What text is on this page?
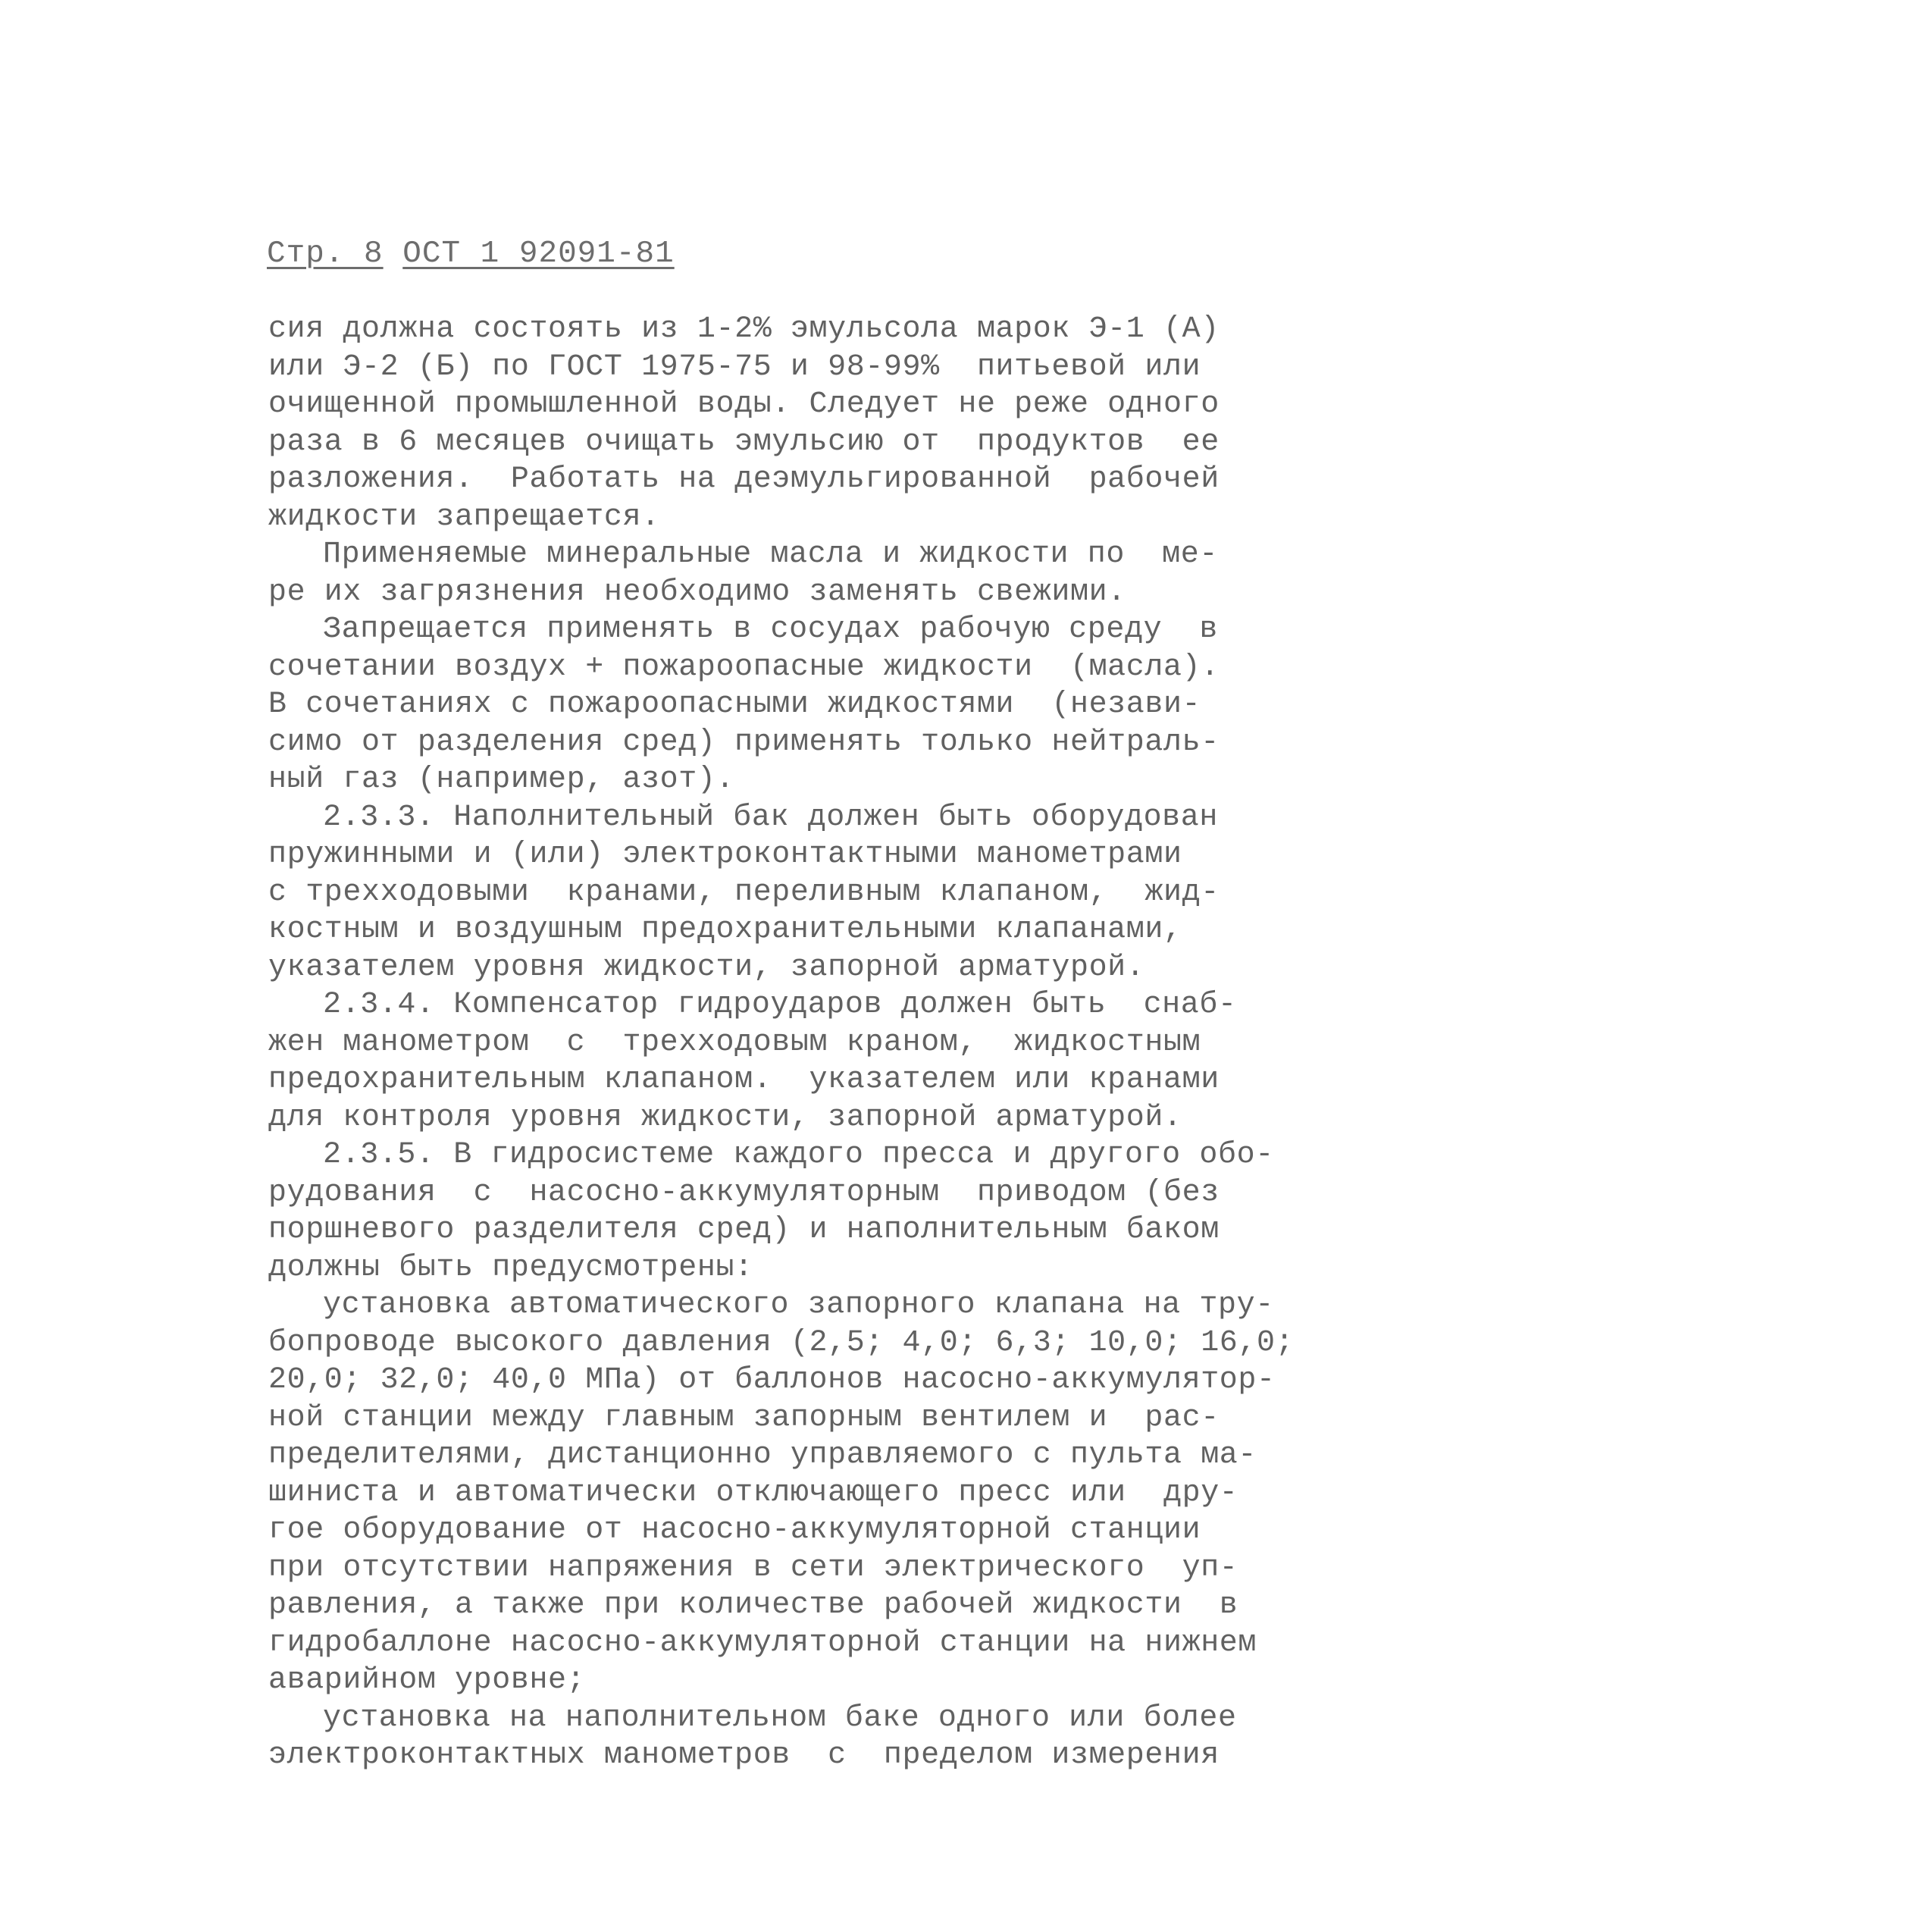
Стр. 8 ОСТ 1 92091-81
сия должна состоять из 1-2% эмульсола марок Э-1 (А)
или Э-2 (Б) по ГОСТ 1975-75 и 98-99%  питьевой или
очищенной промышленной воды. Следует не реже одного
раза в 6 месяцев очищать эмульсию от  продуктов  ее
разложения.  Работать на деэмульгированной  рабочей
жидкости запрещается.
Применяемые минеральные масла и жидкости по  ме-
ре их загрязнения необходимо заменять свежими.
Запрещается применять в сосудах рабочую среду  в
сочетании воздух + пожароопасные жидкости  (масла).
В сочетаниях с пожароопасными жидкостями  (незави-
симо от разделения сред) применять только нейтраль-
ный газ (например, азот).
2.3.3. Наполнительный бак должен быть оборудован
пружинными и (или) электроконтактными манометрами
с трехходовыми  кранами, переливным клапаном,  жид-
костным и воздушным предохранительными клапанами,
указателем уровня жидкости, запорной арматурой.
2.3.4. Компенсатор гидроударов должен быть  снаб-
жен манометром  с  трехходовым краном,  жидкостным
предохранительным клапаном.  указателем или кранами
для контроля уровня жидкости, запорной арматурой.
2.3.5. В гидросистеме каждого пресса и другого обо-
рудования  с  насосно-аккумуляторным  приводом (без
поршневого разделителя сред) и наполнительным баком
должны быть предусмотрены:
установка автоматического запорного клапана на тру-
бопроводе высокого давления (2,5; 4,0; 6,3; 10,0; 16,0;
20,0; 32,0; 40,0 МПа) от баллонов насосно-аккумулятор-
ной станции между главным запорным вентилем и  рас-
пределителями, дистанционно управляемого с пульта ма-
шиниста и автоматически отключающего пресс или  дру-
гое оборудование от насосно-аккумуляторной станции
при отсутствии напряжения в сети электрического  уп-
равления, а также при количестве рабочей жидкости  в
гидробаллоне насосно-аккумуляторной станции на нижнем
аварийном уровне;
установка на наполнительном баке одного или более
электроконтактных манометров  с  пределом измерения
